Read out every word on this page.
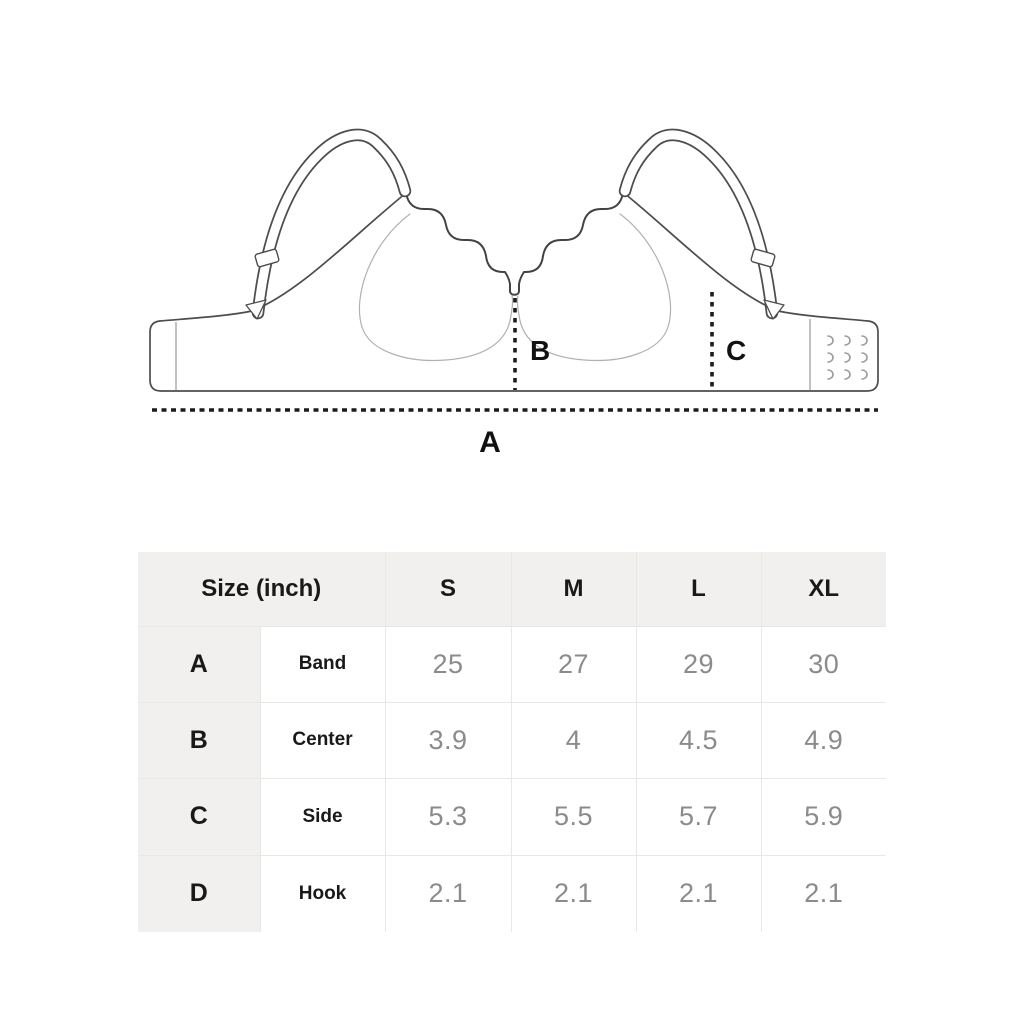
B	C
A
Size (inch)		S	M	L	XL
A	Band	25	27	29	30
B	Center	3.9	4	4.5	4.9
C	Side	5.3	5.5	5.7	5.9
D	Hook	2.1	2.1	2.1	2.1
